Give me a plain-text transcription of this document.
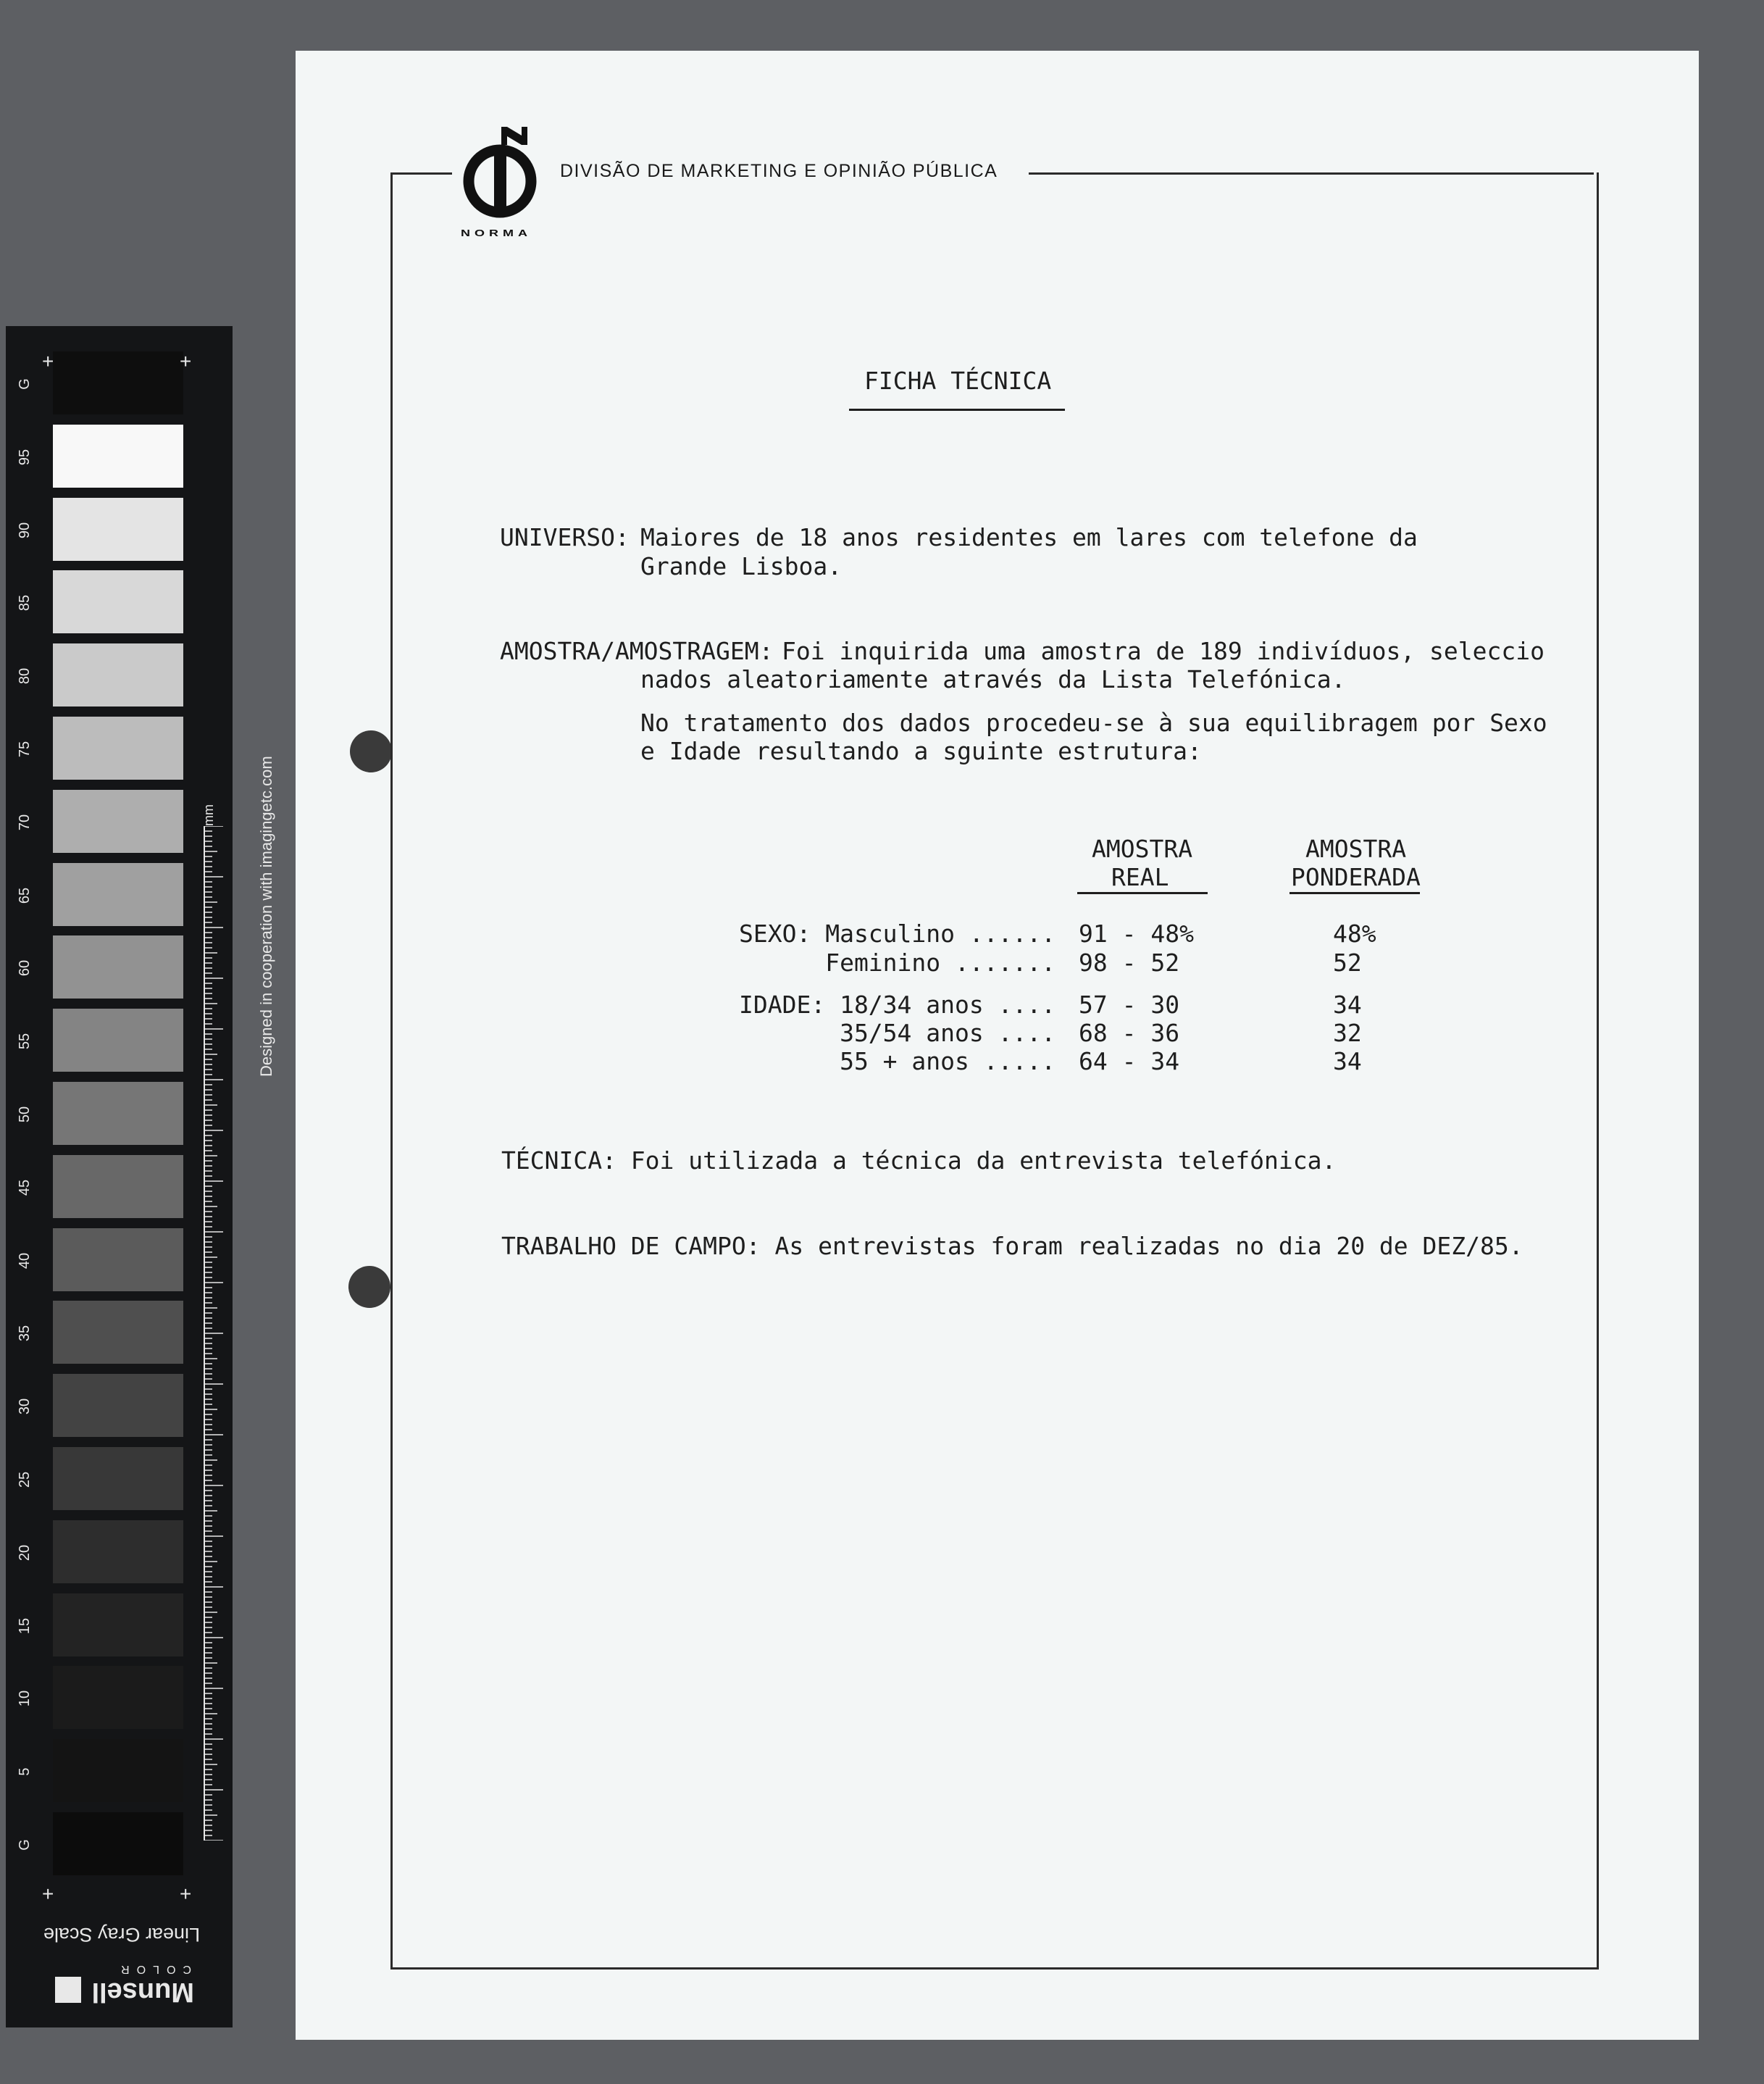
Designed in cooperation with imagingetc.com
mm
Linear Gray Scale
Munsell
COLOR
G
95
90
85
80
75
70
65
60
55
50
45
40
35
30
25
20
15
10
5
G
+	+
+	+
NORMA
DIVISÃO DE MARKETING E OPINIÃO PÚBLICA
FICHA TÉCNICA
UNIVERSO: Maiores de 18 anos residentes em lares com telefone da
Grande Lisboa.
AMOSTRA/AMOSTRAGEM: Foi inquirida uma amostra de 189 indivíduos, seleccio
nados aleatoriamente através da Lista Telefónica.
No tratamento dos dados procedeu-se à sua equilibragem por Sexo
e Idade resultando a sguinte estrutura:
AMOSTRA
REAL
AMOSTRA
PONDERADA
SEXO: Masculino ...... 91 - 48%	48%
Feminino ....... 98 - 52	52
IDADE: 18/34 anos .... 57 - 30	34
35/54 anos .... 68 - 36	32
55 + anos ..... 64 - 34	34
TÉCNICA: Foi utilizada a técnica da entrevista telefónica.
TRABALHO DE CAMPO: As entrevistas foram realizadas no dia 20 de DEZ/85.
